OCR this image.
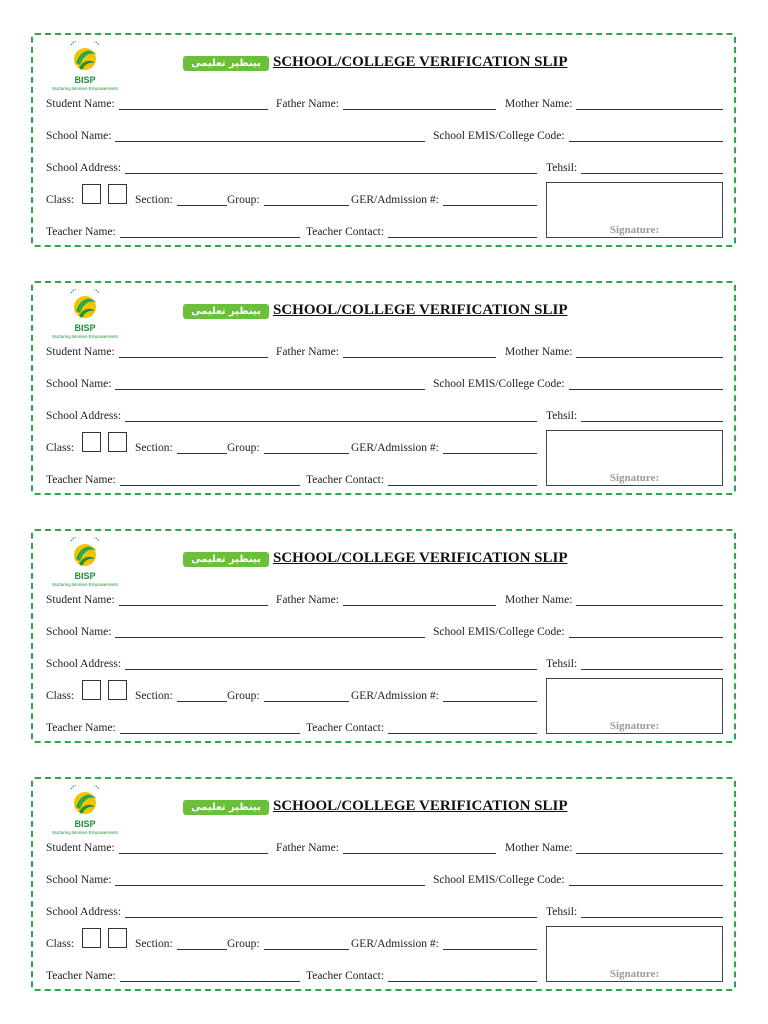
BISP
Nurturing Women Empowerment
بینظیر تعلیمی وظائف
SCHOOL/COLLEGE VERIFICATION SLIP
Student Name:	Father Name:	Mother Name:
School Name:	School EMIS/College Code:
School Address:	Tehsil:
Class:	Section:	Group:	GER/Admission #:
Teacher Name:	Teacher Contact:	Signature:
BISP
Nurturing Women Empowerment
بینظیر تعلیمی وظائف
SCHOOL/COLLEGE VERIFICATION SLIP
Student Name:	Father Name:	Mother Name:
School Name:	School EMIS/College Code:
School Address:	Tehsil:
Class:	Section:	Group:	GER/Admission #:
Teacher Name:	Teacher Contact:	Signature:
BISP
Nurturing Women Empowerment
بینظیر تعلیمی وظائف
SCHOOL/COLLEGE VERIFICATION SLIP
Student Name:	Father Name:	Mother Name:
School Name:	School EMIS/College Code:
School Address:	Tehsil:
Class:	Section:	Group:	GER/Admission #:
Teacher Name:	Teacher Contact:	Signature:
BISP
Nurturing Women Empowerment
بینظیر تعلیمی وظائف
SCHOOL/COLLEGE VERIFICATION SLIP
Student Name:	Father Name:	Mother Name:
School Name:	School EMIS/College Code:
School Address:	Tehsil:
Class:	Section:	Group:	GER/Admission #:
Teacher Name:	Teacher Contact:	Signature:
